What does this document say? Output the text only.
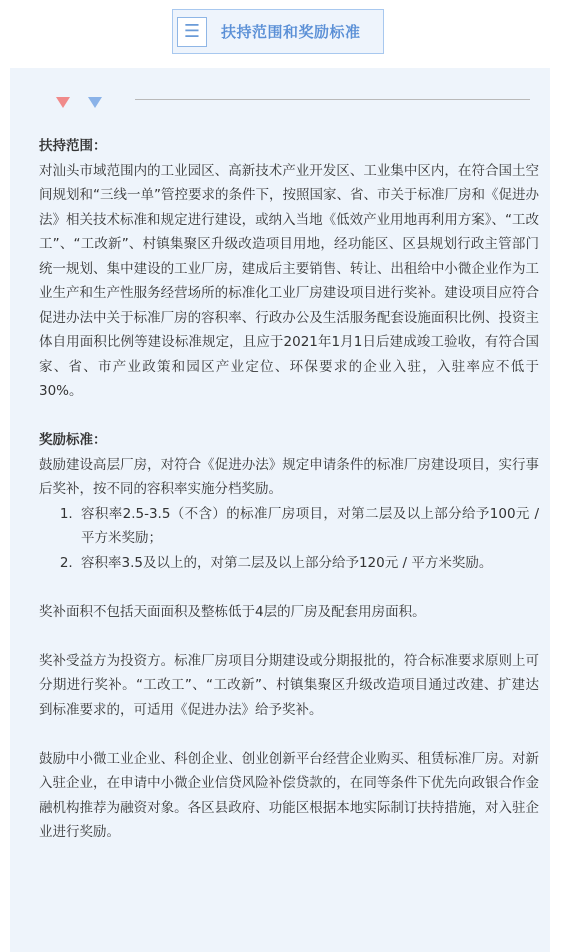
☰	扶持范围和奖励标准

扶持范围：

对汕头市域范围内的工业园区、高新技术产业开发区、工业集中区内，在符合国土空间规划和“三线一单”管控要求的条件下，按照国家、省、市关于标准厂房和《促进办法》相关技术标准和规定进行建设，或纳入当地《低效产业用地再利用方案》、“工改工”、“工改新”、村镇集聚区升级改造项目用地，经功能区、区县规划行政主管部门统一规划、集中建设的工业厂房，建成后主要销售、转让、出租给中小微企业作为工业生产和生产性服务经营场所的标准化工业厂房建设项目进行奖补。建设项目应符合促进办法中关于标准厂房的容积率、行政办公及生活服务配套设施面积比例、投资主体自用面积比例等建设标准规定，且应于2021年1月1日后建成竣工验收，有符合国家、省、市产业政策和园区产业定位、环保要求的企业入驻，入驻率应不低于30%。

奖励标准：

鼓励建设高层厂房，对符合《促进办法》规定申请条件的标准厂房建设项目，实行事后奖补，按不同的容积率实施分档奖励。

1. 容积率2.5-3.5（不含）的标准厂房项目，对第二层及以上部分给予100元 / 平方米奖励；
2. 容积率3.5及以上的，对第二层及以上部分给予120元 / 平方米奖励。

奖补面积不包括天面面积及整栋低于4层的厂房及配套用房面积。

奖补受益方为投资方。标准厂房项目分期建设或分期报批的，符合标准要求原则上可分期进行奖补。“工改工”、“工改新”、村镇集聚区升级改造项目通过改建、扩建达到标准要求的，可适用《促进办法》给予奖补。

鼓励中小微工业企业、科创企业、创业创新平台经营企业购买、租赁标准厂房。对新入驻企业，在申请中小微企业信贷风险补偿贷款的，在同等条件下优先向政银合作金融机构推荐为融资对象。各区县政府、功能区根据本地实际制订扶持措施，对入驻企业进行奖励。
